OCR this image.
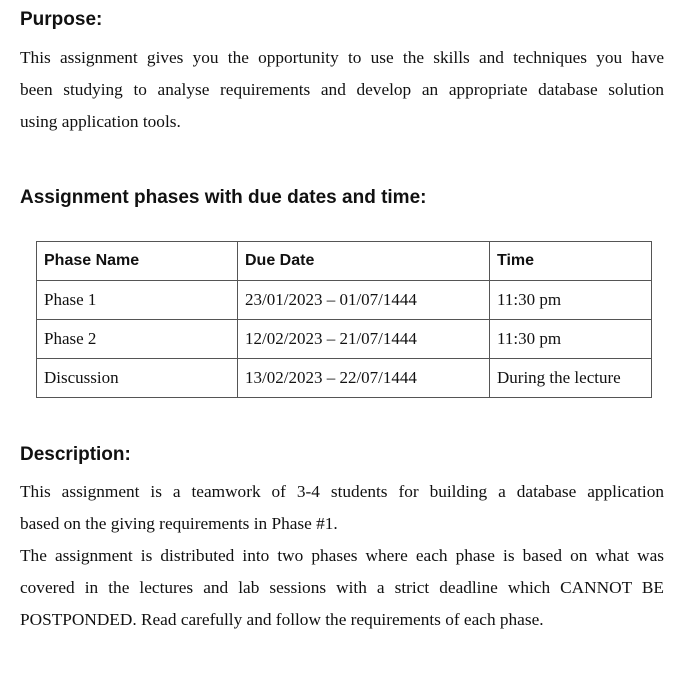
Purpose:

This assignment gives you the opportunity to use the skills and techniques you have
been studying to analyse requirements and develop an appropriate database solution
using application tools.

Assignment phases with due dates and time:
Phase Name	Due Date	Time
Phase 1	23/01/2023 – 01/07/1444	11:30 pm
Phase 2	12/02/2023 – 21/07/1444	11:30 pm
Discussion	13/02/2023 – 22/07/1444	During the lecture
Description:

This assignment is a teamwork of 3-4 students for building a database application
based on the giving requirements in Phase #1.
The assignment is distributed into two phases where each phase is based on what was
covered in the lectures and lab sessions with a strict deadline which CANNOT BE
POSTPONDED. Read carefully and follow the requirements of each phase.
